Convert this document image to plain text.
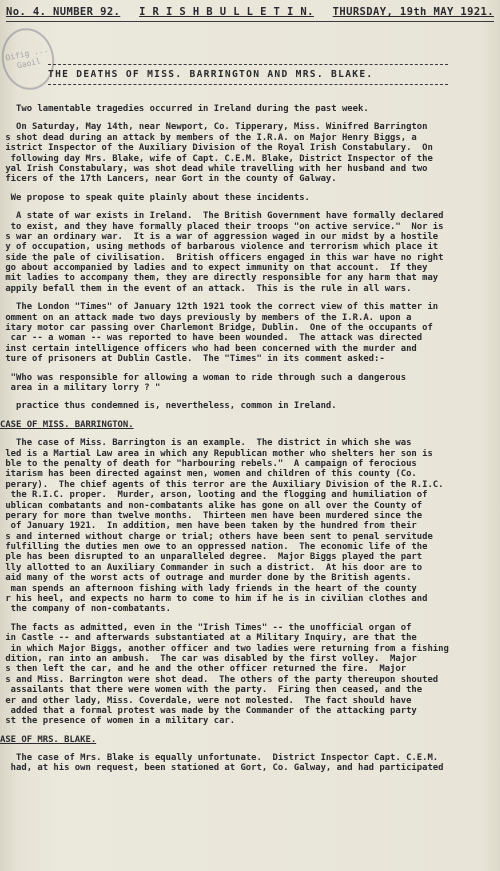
No. 4. NUMBER 92. I R I S H B U L L E T I N. THURSDAY, 19th MAY 1921.
Oifig ... Gaoil
THE DEATHS OF MISS. BARRINGTON AND MRS. BLAKE.
Two lamentable tragedies occurred in Ireland during the past week.
On Saturday, May 14th, near Newport, Co. Tipperary, Miss. Winifred Barrington
s shot dead during an attack by members of the I.R.A. on Major Henry Biggs, a
istrict Inspector of the Auxiliary Division of the Royal Irish Constabulary.  On
following day Mrs. Blake, wife of Capt. C.E.M. Blake, District Inspector of the
yal Irish Constabulary, was shot dead while travelling with her husband and two
ficers of the 17th Lancers, near Gort in the county of Galway.
We propose to speak quite plainly about these incidents.
A state of war exists in Ireland.  The British Government have formally declared
to exist, and they have formally placed their troops "on active service."  Nor is
s war an ordinary war.  It is a war of aggression waged in our midst by a hostile
y of occupation, using methods of barbarous violence and terrorism which place it
side the pale of civilisation.  British officers engaged in this war have no right
go about accompanied by ladies and to expect immunity on that account.  If they
mit ladies to accompany them, they are directly responsible for any harm that may
appily befall them in the event of an attack.  This is the rule in all wars.
The London "Times" of January 12th 1921 took the correct view of this matter in
omment on an attack made two days previously by members of the I.R.A. upon a
itary motor car passing over Charlemont Bridge, Dublin.  One of the occupants of
car -- a woman -- was reported to have been wounded.  The attack was directed
inst certain intelligence officers who had been concerned with the murder and
ture of prisoners at Dublin Castle.  The "Times" in its comment asked:-
"Who was responsible for allowing a woman to ride through such a dangerous
area in a military lorry ? "
practice thus condemned is, nevertheless, common in Ireland.
CASE OF MISS. BARRINGTON.
The case of Miss. Barrington is an example.  The district in which she was
led is a Martial Law area in which any Republican mother who shelters her son is
ble to the penalty of death for "harbouring rebels."  A campaign of ferocious
itarism has been directed against men, women and children of this county (Co.
perary).  The chief agents of this terror are the Auxiliary Division of the R.I.C.
the R.I.C. proper.  Murder, arson, looting and the flogging and humiliation of
ublican combatants and non-combatants alike has gone on all over the County of
perary for more than twelve months.  Thirteen men have been murdered since the
of January 1921.  In addition, men have been taken by the hundred from their
s and interned without charge or trial; others have been sent to penal servitude
fulfilling the duties men owe to an oppressed nation.  The economic life of the
ple has been disrupted to an unparalleled degree.  Major Biggs played the part
lly allotted to an Auxiliary Commander in such a district.  At his door are to
aid many of the worst acts of outrage and murder done by the British agents.
man spends an afternoon fishing with lady friends in the heart of the county
r his heel, and expects no harm to come to him if he is in civilian clothes and
the company of non-combatants.
The facts as admitted, even in the "Irish Times" -- the unofficial organ of
in Castle -- and afterwards substantiated at a Military Inquiry, are that the
in which Major Biggs, another officer and two ladies were returning from a fishing
dition, ran into an ambush.  The car was disabled by the first volley.  Major
s then left the car, and he and the other officer returned the fire.  Major
s and Miss. Barrington were shot dead.  The others of the party thereupon shouted
assailants that there were women with the party.  Firing then ceased, and the
er and other lady, Miss. Coverdale, were not molested.  The fact should have
added that a formal protest was made by the Commander of the attacking party
st the presence of women in a military car.
ASE OF MRS. BLAKE.
The case of Mrs. Blake is equally unfortunate.  District Inspector Capt. C.E.M.
had, at his own request, been stationed at Gort, Co. Galway, and had participated
